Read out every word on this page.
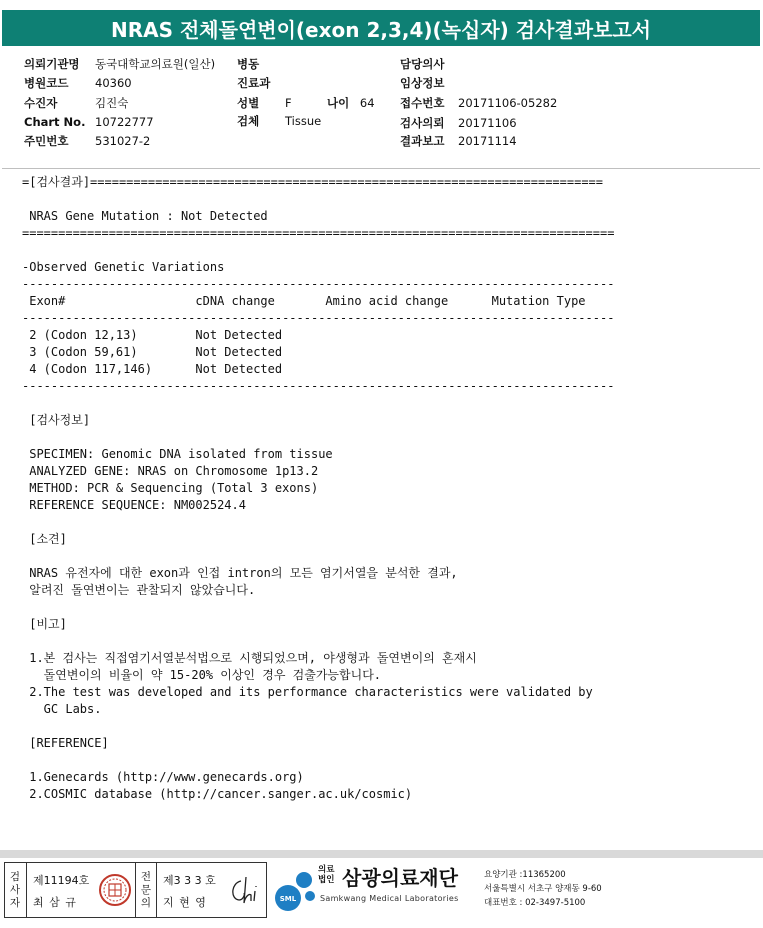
NRAS 전체돌연변이(exon 2,3,4)(녹십자) 검사결과보고서
의뢰기관명 동국대학교의료원(일산)
병원코드 40360
수진자	김진숙
Chart No. 10722777
주민번호 531027-2
병동
진료과
성별 F
검체 Tissue
담당의사
임상정보
접수번호 20171106-05282
검사의뢰 20171106
결과보고 20171114
나이 64
=[검사결과]=======================================================================
NRAS Gene Mutation : Not Detected
==================================================================================
-Observed Genetic Variations
----------------------------------------------------------------------------------
Exon#                  cDNA change       Amino acid change      Mutation Type
----------------------------------------------------------------------------------
2 (Codon 12,13)        Not Detected
3 (Codon 59,61)        Not Detected
4 (Codon 117,146)      Not Detected
----------------------------------------------------------------------------------
[검사정보]
SPECIMEN: Genomic DNA isolated from tissue
ANALYZED GENE: NRAS on Chromosome 1p13.2
METHOD: PCR & Sequencing (Total 3 exons)
REFERENCE SEQUENCE: NM002524.4
[소견]
NRAS 유전자에 대한 exon과 인접 intron의 모든 염기서열을 분석한 결과,
알려진 돌연변이는 관찰되지 않았습니다.
[비고]
1.본 검사는 직접염기서열분석법으로 시행되었으며, 야생형과 돌연변이의 혼재시
돌연변이의 비율이 약 15-20% 이상인 경우 검출가능합니다.
2.The test was developed and its performance characteristics were validated by
GC Labs.
[REFERENCE]
1.Genecards (http://www.genecards.org)
2.COSMIC database (http://cancer.sanger.ac.uk/cosmic)
검
사
자
제11194호
최 삼 규
전
문
의
제3 3 3 호
지 현 영	SML
의료
법인 삼광의료재단
Samkwang Medical Laboratories
요양기관 :11365200
서울특별시 서초구 양재동 9-60
대표번호 : 02-3497-5100
